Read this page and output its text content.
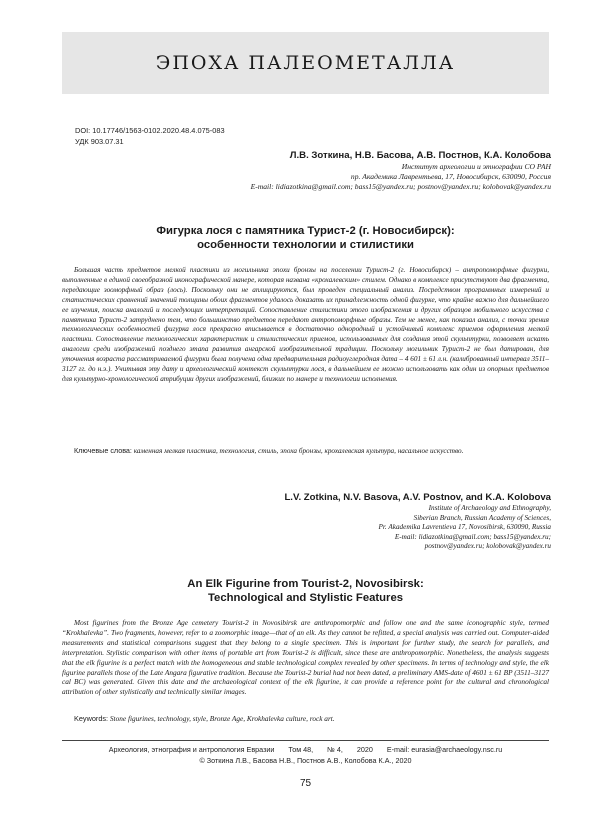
ЭПОХА ПАЛЕОМЕТАЛЛА
DOI: 10.17746/1563-0102.2020.48.4.075-083
УДК 903.07.31
Л.В. Зоткина, Н.В. Басова, А.В. Постнов, К.А. Колобова
Институт археологии и этнографии СО РАН
пр. Академика Лаврентьева, 17, Новосибирск, 630090, Россия
E-mail: lidiazotkina@gmail.com; bass15@yandex.ru; postnov@yandex.ru; kolobovak@yandex.ru
Фигурка лося с памятника Турист-2 (г. Новосибирск):
особенности технологии и стилистики
Большая часть предметов мелкой пластики из могильника эпохи бронзы на поселении Турист-2 (г. Новосибирск) – антропоморфные фигурки, выполненные в единой своеобразной иконографической манере, которая названа «крохалевским» стилем. Однако в комплексе присутствуют два фрагмента, передающие зооморфный образ (лось). Поскольку они не аплицируются, был проведен специальный анализ. Посредством программных измерений и статистических сравнений значений толщины обоих фрагментов удалось доказать их принадлежность одной фигурке, что крайне важно для дальнейшего ее изучения, поиска аналогий и последующих интерпретаций. Сопоставление стилистики этого изображения и других образцов мобильного искусства с памятника Турист-2 затруднено тем, что большинство предметов передают антропоморфные образы. Тем не менее, как показал анализ, с точки зрения технологических особенностей фигурка лося прекрасно вписывается в достаточно однородный и устойчивый комплекс приемов оформления мелкой пластики. Сопоставление технологических характеристик и стилистических приемов, использованных для создания этой скульптурки, позволяет искать аналогии среди изображений позднего этапа развития ангарской изобразительной традиции. Поскольку могильник Турист-2 не был датирован, для уточнения возраста рассматриваемой фигурки была получена одна предварительная радиоуглеродная дата – 4 601 ± 61 л.н. (калиброванный интервал 3511–3127 гг. до н.э.). Учитывая эту дату и археологический контекст скульптурки лося, в дальнейшем ее можно использовать как один из опорных предметов для культурно-хронологической атрибуции других изображений, близких по манере и технологии исполнения.
Ключевые слова: каменная мелкая пластика, технология, стиль, эпоха бронзы, крохалевская культура, насальное искусство.
L.V. Zotkina, N.V. Basova, A.V. Postnov, and K.A. Kolobova
Institute of Archaeology and Ethnography,
Siberian Branch, Russian Academy of Sciences,
Pr. Akademika Lavrentieva 17, Novosibirsk, 630090, Russia
E-mail: lidiazotkina@gmail.com; bass15@yandex.ru;
postnov@yandex.ru; kolobovak@yandex.ru
An Elk Figurine from Tourist-2, Novosibirsk:
Technological and Stylistic Features
Most figurines from the Bronze Age cemetery Tourist-2 in Novosibirsk are anthropomorphic and follow one and the same iconographic style, termed “Krokhalevka”. Two fragments, however, refer to a zoomorphic image—that of an elk. As they cannot be refitted, a special analysis was carried out. Computer-aided measurements and statistical comparisons suggest that they belong to a single specimen. This is important for further study, the search for parallels, and interpretation. Stylistic comparison with other items of portable art from Tourist-2 is difficult, since these are anthropomorphic. Nonetheless, the analysis suggests that the elk figurine is a perfect match with the homogeneous and stable technological complex revealed by other specimens. In terms of technology and style, the elk figurine parallels those of the Late Angara figurative tradition. Because the Tourist-2 burial had not been dated, a preliminary AMS-date of 4601 ± 61 BP (3511–3127 cal BC) was generated. Given this date and the archaeological context of the elk figurine, it can provide a reference point for the cultural and chronological attribution of other stylistically and technically similar images.
Keywords: Stone figurines, technology, style, Bronze Age, Krokhalevka culture, rock art.
Археология, этнография и антропология Евразии Том 48, № 4, 2020 E-mail: eurasia@archaeology.nsc.ru
© Зоткина Л.В., Басова Н.В., Постнов А.В., Колобова К.А., 2020
75
